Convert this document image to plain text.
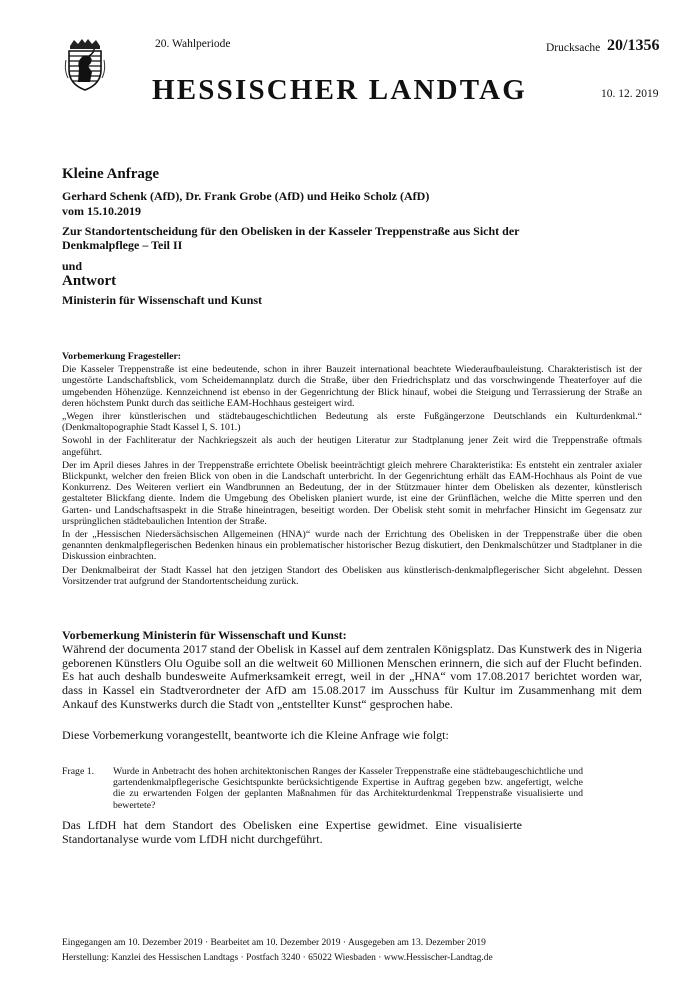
20. Wahlperiode	Drucksache 20/1356
HESSISCHER LANDTAG	10. 12. 2019
Kleine Anfrage
Gerhard Schenk (AfD), Dr. Frank Grobe (AfD) und Heiko Scholz (AfD)
vom 15.10.2019
Zur Standortentscheidung für den Obelisken in der Kasseler Treppenstraße aus Sicht der Denkmalpflege – Teil II
und
Antwort
Ministerin für Wissenschaft und Kunst

Vorbemerkung Fragesteller:

Die Kasseler Treppenstraße ist eine bedeutende, schon in ihrer Bauzeit international beachtete Wiederaufbauleistung. Charakteristisch ist der ungestörte Landschaftsblick, vom Scheidemannplatz durch die Straße, über den Friedrichsplatz und das vorschwingende Theaterfoyer auf die umgebenden Höhenzüge. Kennzeichnend ist ebenso in der Gegenrichtung der Blick hinauf, wobei die Steigung und Terrassierung der Straße an deren höchstem Punkt durch das seitliche EAM-Hochhaus gesteigert wird.

„Wegen ihrer künstlerischen und städtebaugeschichtlichen Bedeutung als erste Fußgängerzone Deutschlands ein Kulturdenkmal.“ (Denkmaltopographie Stadt Kassel I, S. 101.)

Sowohl in der Fachliteratur der Nachkriegszeit als auch der heutigen Literatur zur Stadtplanung jener Zeit wird die Treppenstraße oftmals angeführt.

Der im April dieses Jahres in der Treppenstraße errichtete Obelisk beeinträchtigt gleich mehrere Charakteristika: Es entsteht ein zentraler axialer Blickpunkt, welcher den freien Blick von oben in die Landschaft unterbricht. In der Gegenrichtung erhält das EAM-Hochhaus als Point de vue Konkurrenz. Des Weiteren verliert ein Wandbrunnen an Bedeutung, der in der Stützmauer hinter dem Obelisken als dezenter, künstlerisch gestalteter Blickfang diente. Indem die Umgebung des Obelisken planiert wurde, ist eine der Grünflächen, welche die Mitte sperren und den Garten- und Landschaftsaspekt in die Straße hineintragen, beseitigt worden. Der Obelisk steht somit in mehrfacher Hinsicht im Gegensatz zur ursprünglichen städtebaulichen Intention der Straße.

In der „Hessischen Niedersächsischen Allgemeinen (HNA)“ wurde nach der Errichtung des Obelisken in der Treppenstraße über die oben genannten denkmalpflegerischen Bedenken hinaus ein problematischer historischer Bezug diskutiert, den Denkmalschützer und Stadtplaner in die Diskussion einbrachten.

Der Denkmalbeirat der Stadt Kassel hat den jetzigen Standort des Obelisken aus künstlerisch-denkmalpflegerischer Sicht abgelehnt. Dessen Vorsitzender trat aufgrund der Standortentscheidung zurück.

Vorbemerkung Ministerin für Wissenschaft und Kunst:

Während der documenta 2017 stand der Obelisk in Kassel auf dem zentralen Königsplatz. Das Kunstwerk des in Nigeria geborenen Künstlers Olu Oguibe soll an die weltweit 60 Millionen Menschen erinnern, die sich auf der Flucht befinden. Es hat auch deshalb bundesweite Aufmerksamkeit erregt, weil in der „HNA“ vom 17.08.2017 berichtet worden war, dass in Kassel ein Stadtverordneter der AfD am 15.08.2017 im Ausschuss für Kultur im Zusammenhang mit dem Ankauf des Kunstwerks durch die Stadt von „entstellter Kunst“ gesprochen habe.

Diese Vorbemerkung vorangestellt, beantworte ich die Kleine Anfrage wie folgt:
Frage 1. Wurde in Anbetracht des hohen architektonischen Ranges der Kasseler Treppenstraße eine städtebaugeschichtliche und gartendenkmalpflegerische Gesichtspunkte berücksichtigende Expertise in Auftrag gegeben bzw. angefertigt, welche die zu erwartenden Folgen der geplanten Maßnahmen für das Architekturdenkmal Treppenstraße visualisierte und bewertete?
Das LfDH hat dem Standort des Obelisken eine Expertise gewidmet. Eine visualisierte Standortanalyse wurde vom LfDH nicht durchgeführt.
Eingegangen am 10. Dezember 2019 · Bearbeitet am 10. Dezember 2019 · Ausgegeben am 13. Dezember 2019
Herstellung: Kanzlei des Hessischen Landtags · Postfach 3240 · 65022 Wiesbaden · www.Hessischer-Landtag.de
